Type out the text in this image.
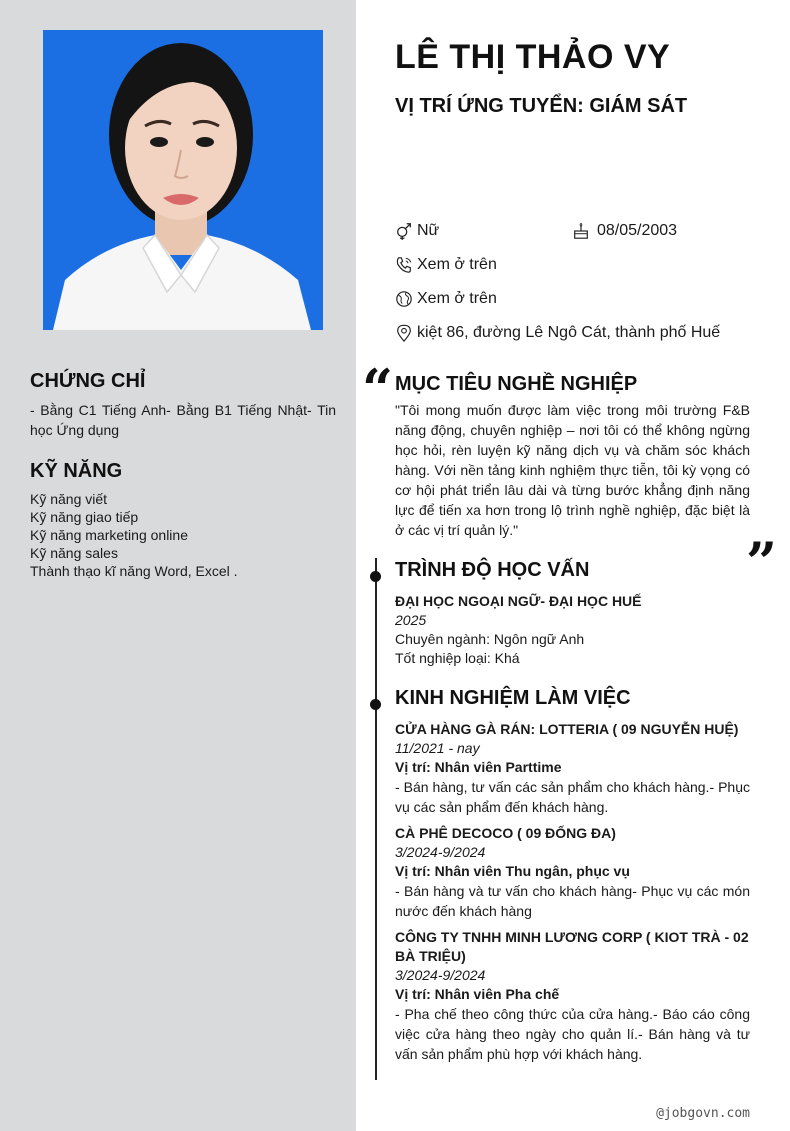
CHỨNG CHỈ
- Bằng C1 Tiếng Anh- Bằng B1 Tiếng Nhật- Tin học Ứng dụng
KỸ NĂNG
Kỹ năng viết
Kỹ năng giao tiếp
Kỹ năng marketing online
Kỹ năng sales
Thành thạo kĩ năng Word, Excel .
LÊ THỊ THẢO VY
VỊ TRÍ ỨNG TUYỂN: GIÁM SÁT
Nữ	08/05/2003
Xem ở trên
Xem ở trên
kiệt 86, đường Lê Ngô Cát, thành phố Huế
“ MỤC TIÊU NGHỀ NGHIỆP
"Tôi mong muốn được làm việc trong môi trường F&B năng động, chuyên nghiệp – nơi tôi có thể không ngừng học hỏi, rèn luyện kỹ năng dịch vụ và chăm sóc khách hàng. Với nền tảng kinh nghiệm thực tiễn, tôi kỳ vọng có cơ hội phát triển lâu dài và từng bước khẳng định năng lực để tiến xa hơn trong lộ trình nghề nghiệp, đặc biệt là ở các vị trí quản lý."	”
TRÌNH ĐỘ HỌC VẤN
ĐẠI HỌC NGOẠI NGỮ- ĐẠI HỌC HUẾ
2025
Chuyên ngành: Ngôn ngữ Anh
Tốt nghiệp loại: Khá
KINH NGHIỆM LÀM VIỆC
CỬA HÀNG GÀ RÁN: LOTTERIA ( 09 NGUYỄN HUỆ)
11/2021 - nay
Vị trí: Nhân viên Parttime
- Bán hàng, tư vấn các sản phẩm cho khách hàng.- Phục vụ các sản phẩm đến khách hàng.
CÀ PHÊ DECOCO ( 09 ĐỐNG ĐA)
3/2024-9/2024
Vị trí: Nhân viên Thu ngân, phục vụ
- Bán hàng và tư vấn cho khách hàng- Phục vụ các món nước đến khách hàng
CÔNG TY TNHH MINH LƯƠNG CORP ( KIOT TRÀ - 02 BÀ TRIỆU)
3/2024-9/2024
Vị trí: Nhân viên Pha chế
- Pha chế theo công thức của cửa hàng.- Báo cáo công việc cửa hàng theo ngày cho quản lí.- Bán hàng và tư vấn sản phẩm phù hợp với khách hàng.
@jobgovn.com
